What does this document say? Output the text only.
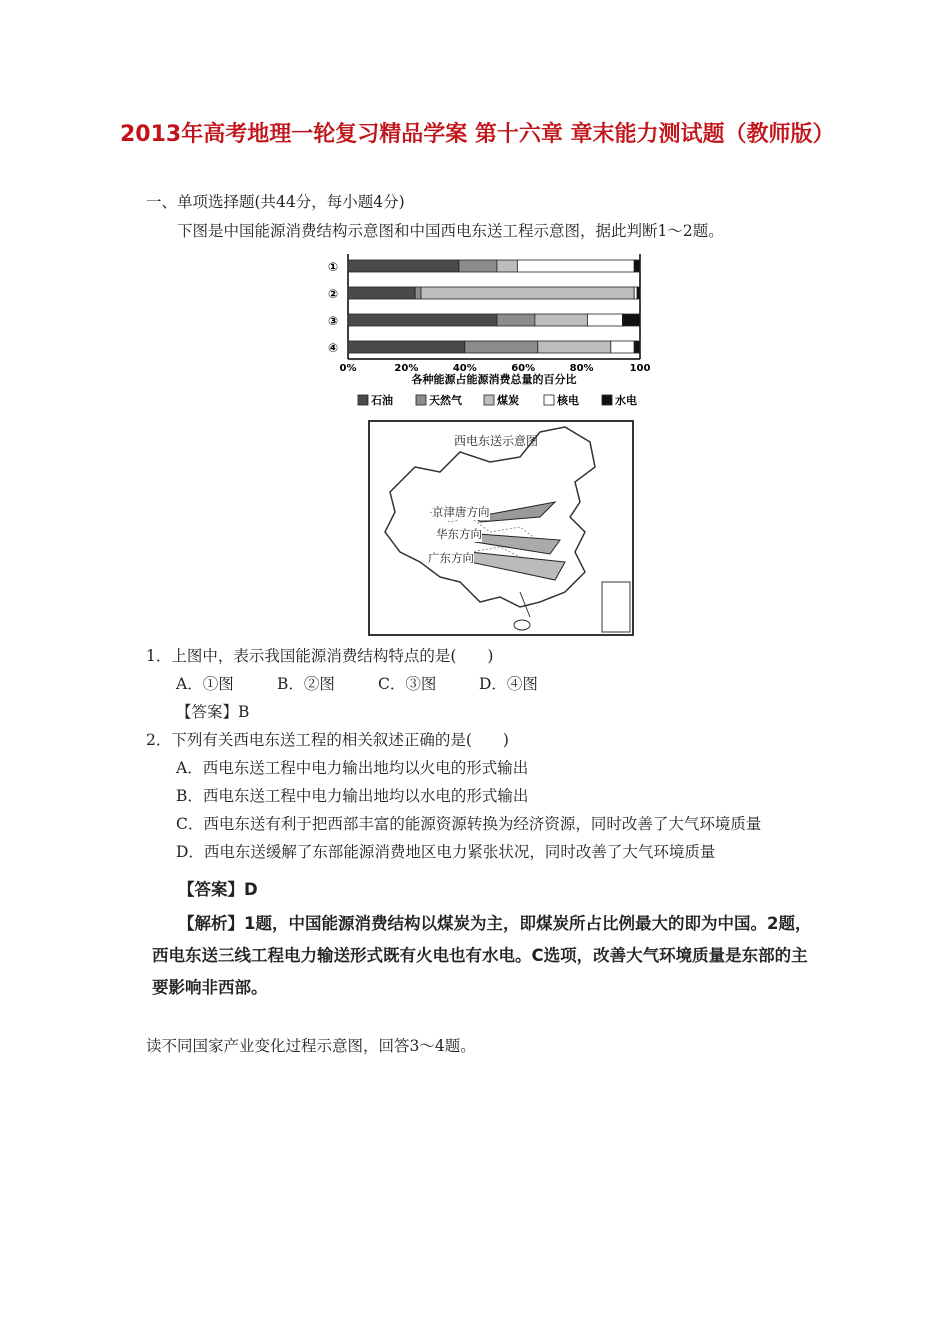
2013年高考地理一轮复习精品学案 第十六章 章末能力测试题（教师版）
一、单项选择题(共44分，每小题4分)
下图是中国能源消费结构示意图和中国西电东送工程示意图，据此判断1～2题。
①
②
③
④
0%	20%	40%	60%	80%	100
各种能源占能源消费总量的百分比
石油	天然气	煤炭	核电	水电
西电东送示意图
京津唐方向
华东方向
广东方向
1．上图中，表示我国能源消费结构特点的是(　　)
A．①图	B．②图	C．③图	D．④图
【答案】B
2．下列有关西电东送工程的相关叙述正确的是(　　)
A．西电东送工程中电力输出地均以火电的形式输出
B．西电东送工程中电力输出地均以水电的形式输出
C．西电东送有利于把西部丰富的能源资源转换为经济资源，同时改善了大气环境质量
D．西电东送缓解了东部能源消费地区电力紧张状况，同时改善了大气环境质量
【答案】D
【解析】1题，中国能源消费结构以煤炭为主，即煤炭所占比例最大的即为中国。2题，
西电东送三线工程电力输送形式既有火电也有水电。C选项，改善大气环境质量是东部的主
要影响非西部。
读不同国家产业变化过程示意图，回答3～4题。
